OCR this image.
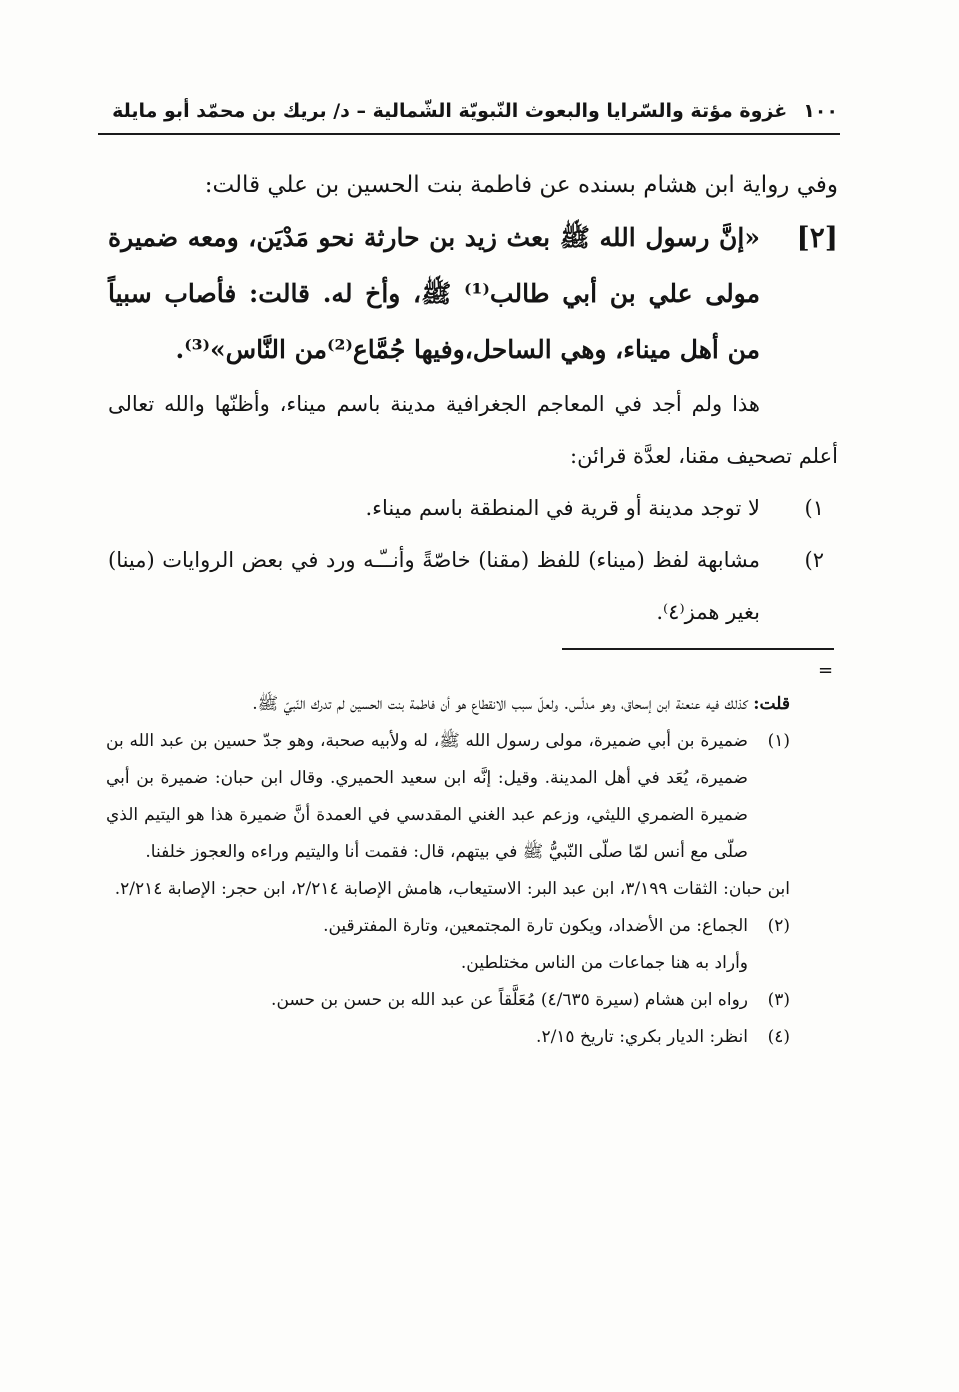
١٠٠
غزوة مؤتة والسّرايا والبعوث النّبويّة الشّمالية – د/ بريك بن محمّد أبو مايلة

وفي رواية ابن هشام بسنده عن فاطمة بنت الحسين بن علي قالت:

[٢]

«إنَّ رسول الله ﷺ بعث زيد بن حارثة نحو مَدْيَن، ومعه ضميرة مولى علي بن أبي طالب⁽¹⁾ ﷺ، وأخ له. قالت: فأصاب سبياً من أهل ميناء، وهي الساحل،وفيها جُمَّاع⁽²⁾من النَّاس»⁽³⁾.

هذا ولم أجد في المعاجم الجغرافية مدينة باسم ميناء، وأظنّها والله تعالى أعلم تصحيف مقنا، لعدَّة قرائن:

١)
لا توجد مدينة أو قرية في المنطقة باسم ميناء.
٢)
مشابهة لفظ (ميناء) للفظ (مقنا) خاصّةً وأنــّـه ورد في بعض الروايات (مينا) بغير همز⁽٤⁾.
=

قلت: كذلك فيه عنعنة ابن إسحاق، وهو مدلّس. ولعلّ سبب الانقطاع هو أن فاطمة بنت الحسين لم تدرك النّبيّ ﷺ.

(١)

ضميرة بن أبي ضميرة، مولى رسول الله ﷺ، له ولأبيه صحبة، وهو جدّ حسين بن عبد الله بن ضميرة، يُعَد في أهل المدينة. وقيل: إنَّه ابن سعيد الحميري. وقال ابن حبان: ضميرة بن أبي ضميرة الضمري الليثي، وزعم عبد الغني المقدسي في العمدة أنَّ ضميرة هذا هو اليتيم الذي صلّى مع أنس لمّا صلّى النّبيُّ ﷺ في بيتهم، قال: فقمت أنا واليتيم وراءه والعجوز خلفنا.

ابن حبان: الثقات ٣/١٩٩، ابن عبد البر: الاستيعاب، هامش الإصابة ٢/٢١٤، ابن حجر: الإصابة ٢/٢١٤.

(٢)

الجماع: من الأضداد، ويكون تارة المجتمعين، وتارة المفترقين.

وأراد به هنا جماعات من الناس مختلطين.

(٣)

رواه ابن هشام (سيرة ٤/٦٣٥) مُعَلَّقاً عن عبد الله بن حسن بن حسن.

(٤)

انظر: الديار بكري: تاريخ ٢/١٥.
